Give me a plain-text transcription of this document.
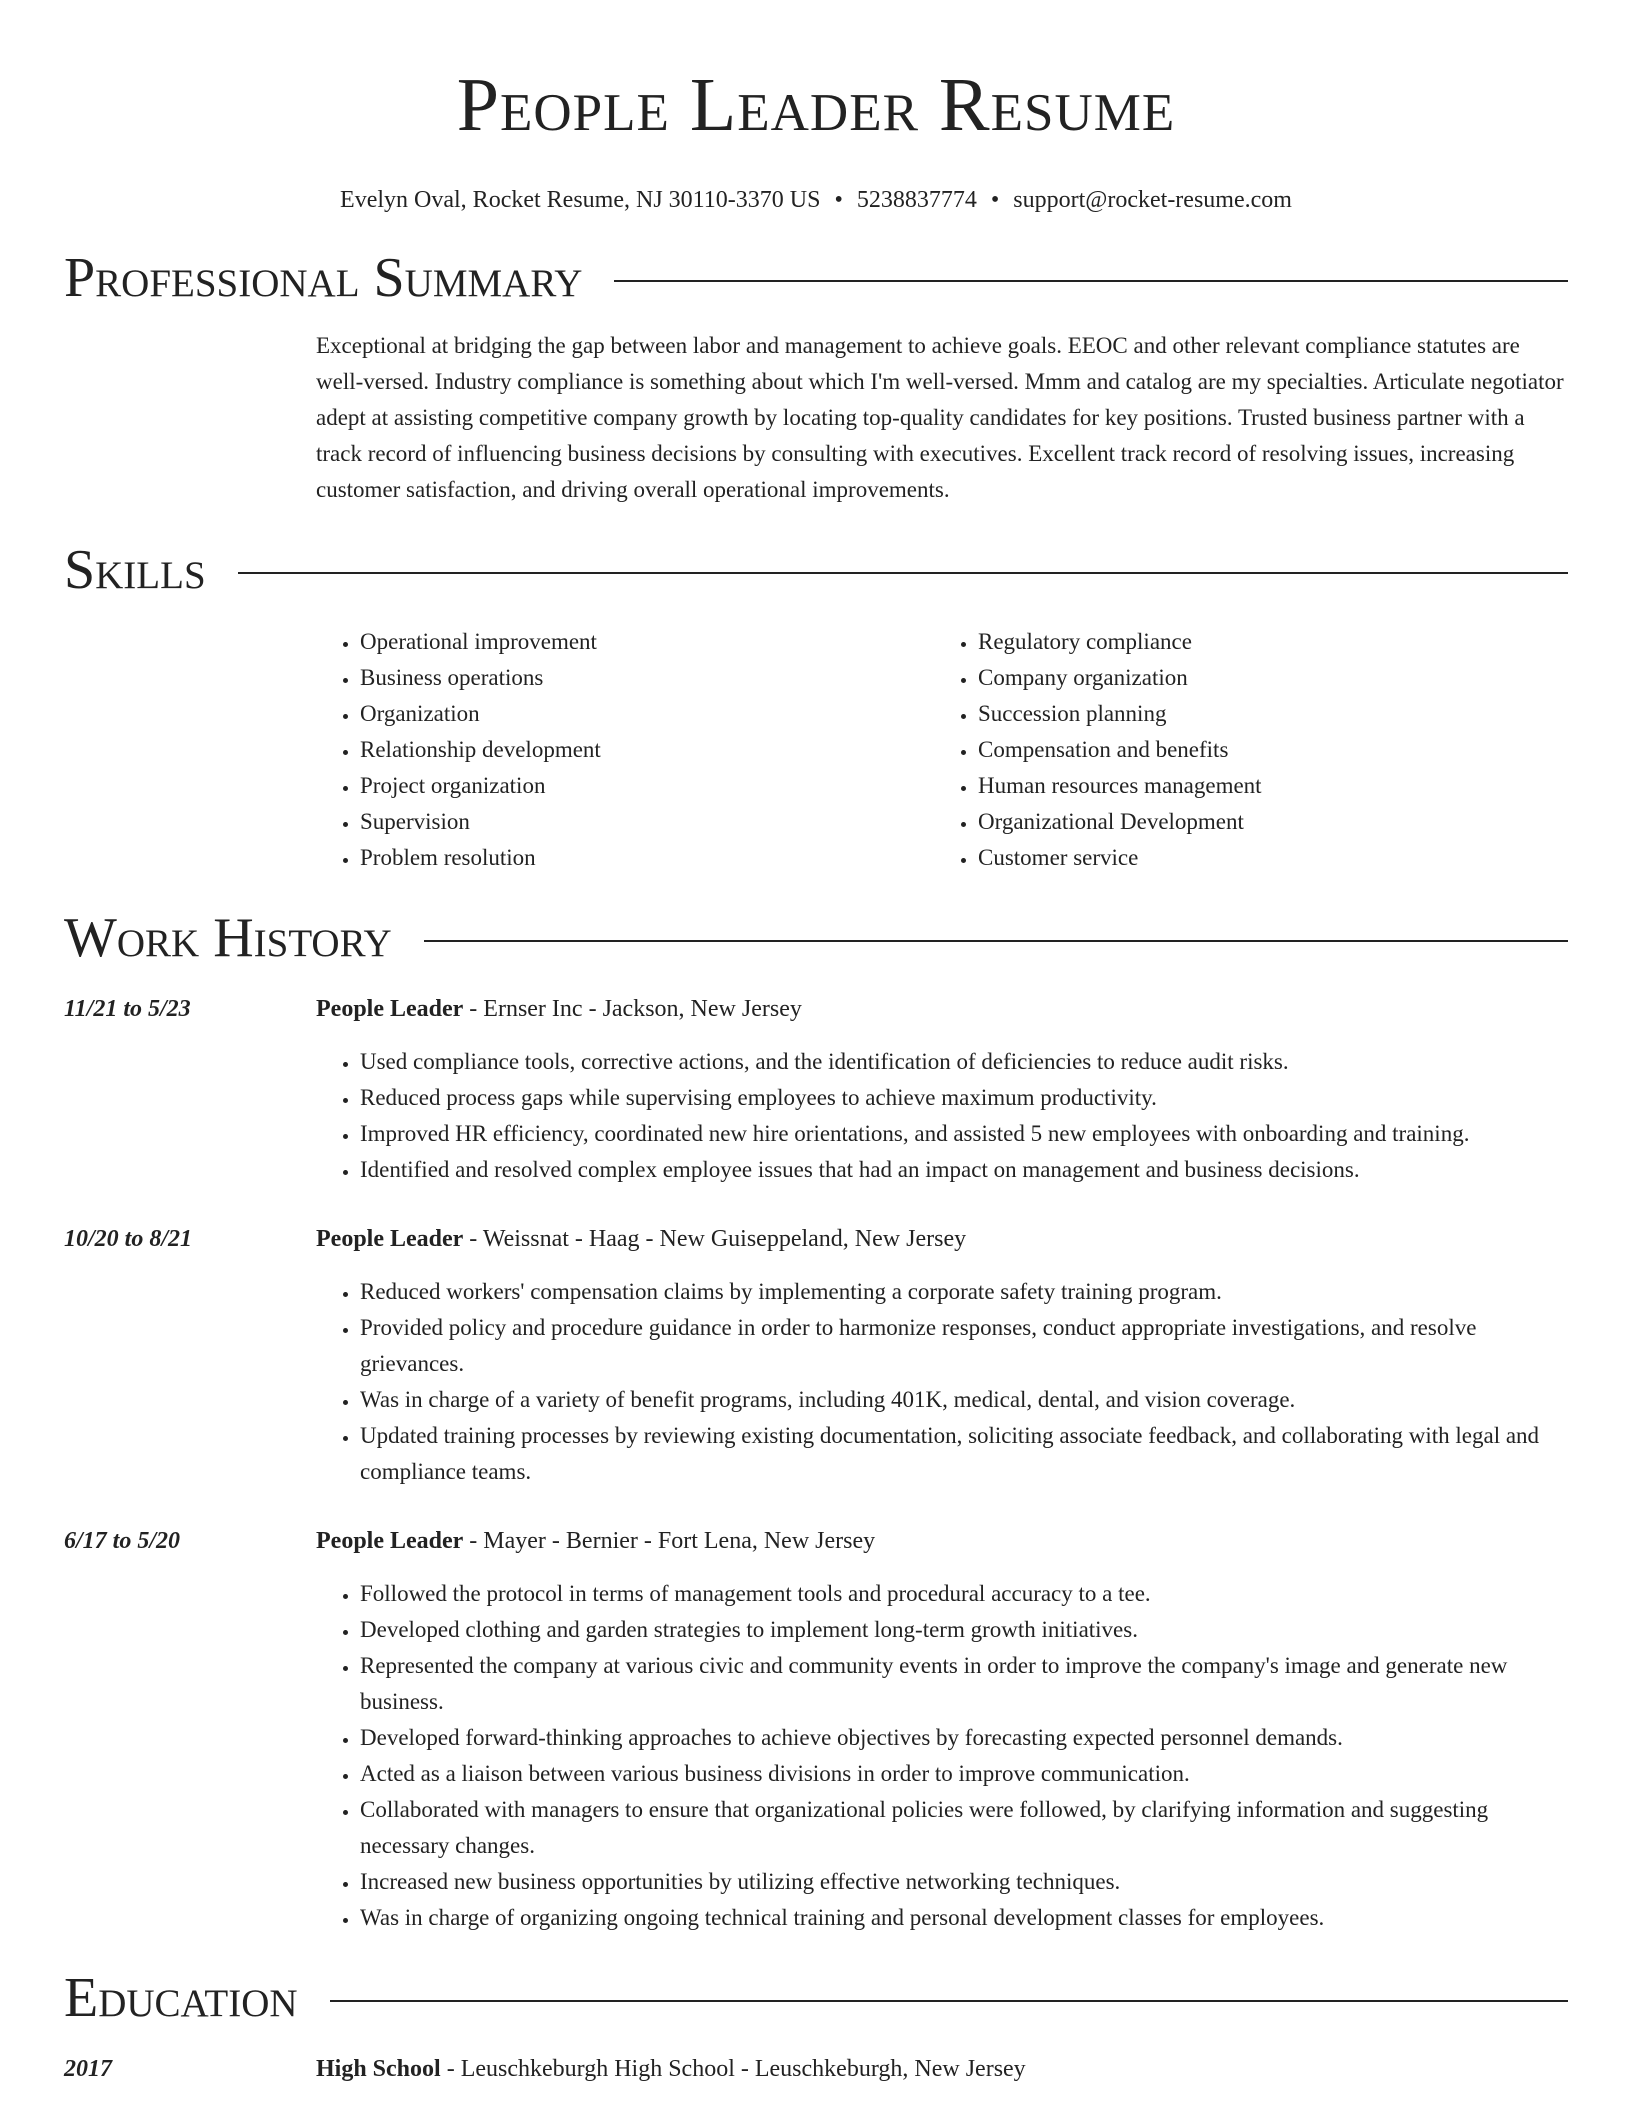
People Leader Resume
Evelyn Oval, Rocket Resume, NJ 30110-3370 US • 5238837774 • support@rocket-resume.com
Professional Summary
Exceptional at bridging the gap between labor and management to achieve goals. EEOC and other relevant compliance statutes are well-versed. Industry compliance is something about which I'm well-versed. Mmm and catalog are my specialties. Articulate negotiator adept at assisting competitive company growth by locating top-quality candidates for key positions. Trusted business partner with a track record of influencing business decisions by consulting with executives. Excellent track record of resolving issues, increasing customer satisfaction, and driving overall operational improvements.
Skills
• Operational improvement
• Business operations
• Organization
• Relationship development
• Project organization
• Supervision
• Problem resolution
• Regulatory compliance
• Company organization
• Succession planning
• Compensation and benefits
• Human resources management
• Organizational Development
• Customer service
Work History
11/21 to 5/23	People Leader - Ernser Inc - Jackson, New Jersey
• Used compliance tools, corrective actions, and the identification of deficiencies to reduce audit risks.
• Reduced process gaps while supervising employees to achieve maximum productivity.
• Improved HR efficiency, coordinated new hire orientations, and assisted 5 new employees with onboarding and training.
• Identified and resolved complex employee issues that had an impact on management and business decisions.
10/20 to 8/21	People Leader - Weissnat - Haag - New Guiseppeland, New Jersey
• Reduced workers' compensation claims by implementing a corporate safety training program.
• Provided policy and procedure guidance in order to harmonize responses, conduct appropriate investigations, and resolve grievances.
• Was in charge of a variety of benefit programs, including 401K, medical, dental, and vision coverage.
• Updated training processes by reviewing existing documentation, soliciting associate feedback, and collaborating with legal and compliance teams.
6/17 to 5/20	People Leader - Mayer - Bernier - Fort Lena, New Jersey
• Followed the protocol in terms of management tools and procedural accuracy to a tee.
• Developed clothing and garden strategies to implement long-term growth initiatives.
• Represented the company at various civic and community events in order to improve the company's image and generate new business.
• Developed forward-thinking approaches to achieve objectives by forecasting expected personnel demands.
• Acted as a liaison between various business divisions in order to improve communication.
• Collaborated with managers to ensure that organizational policies were followed, by clarifying information and suggesting necessary changes.
• Increased new business opportunities by utilizing effective networking techniques.
• Was in charge of organizing ongoing technical training and personal development classes for employees.
Education
2017	High School - Leuschkeburgh High School - Leuschkeburgh, New Jersey
